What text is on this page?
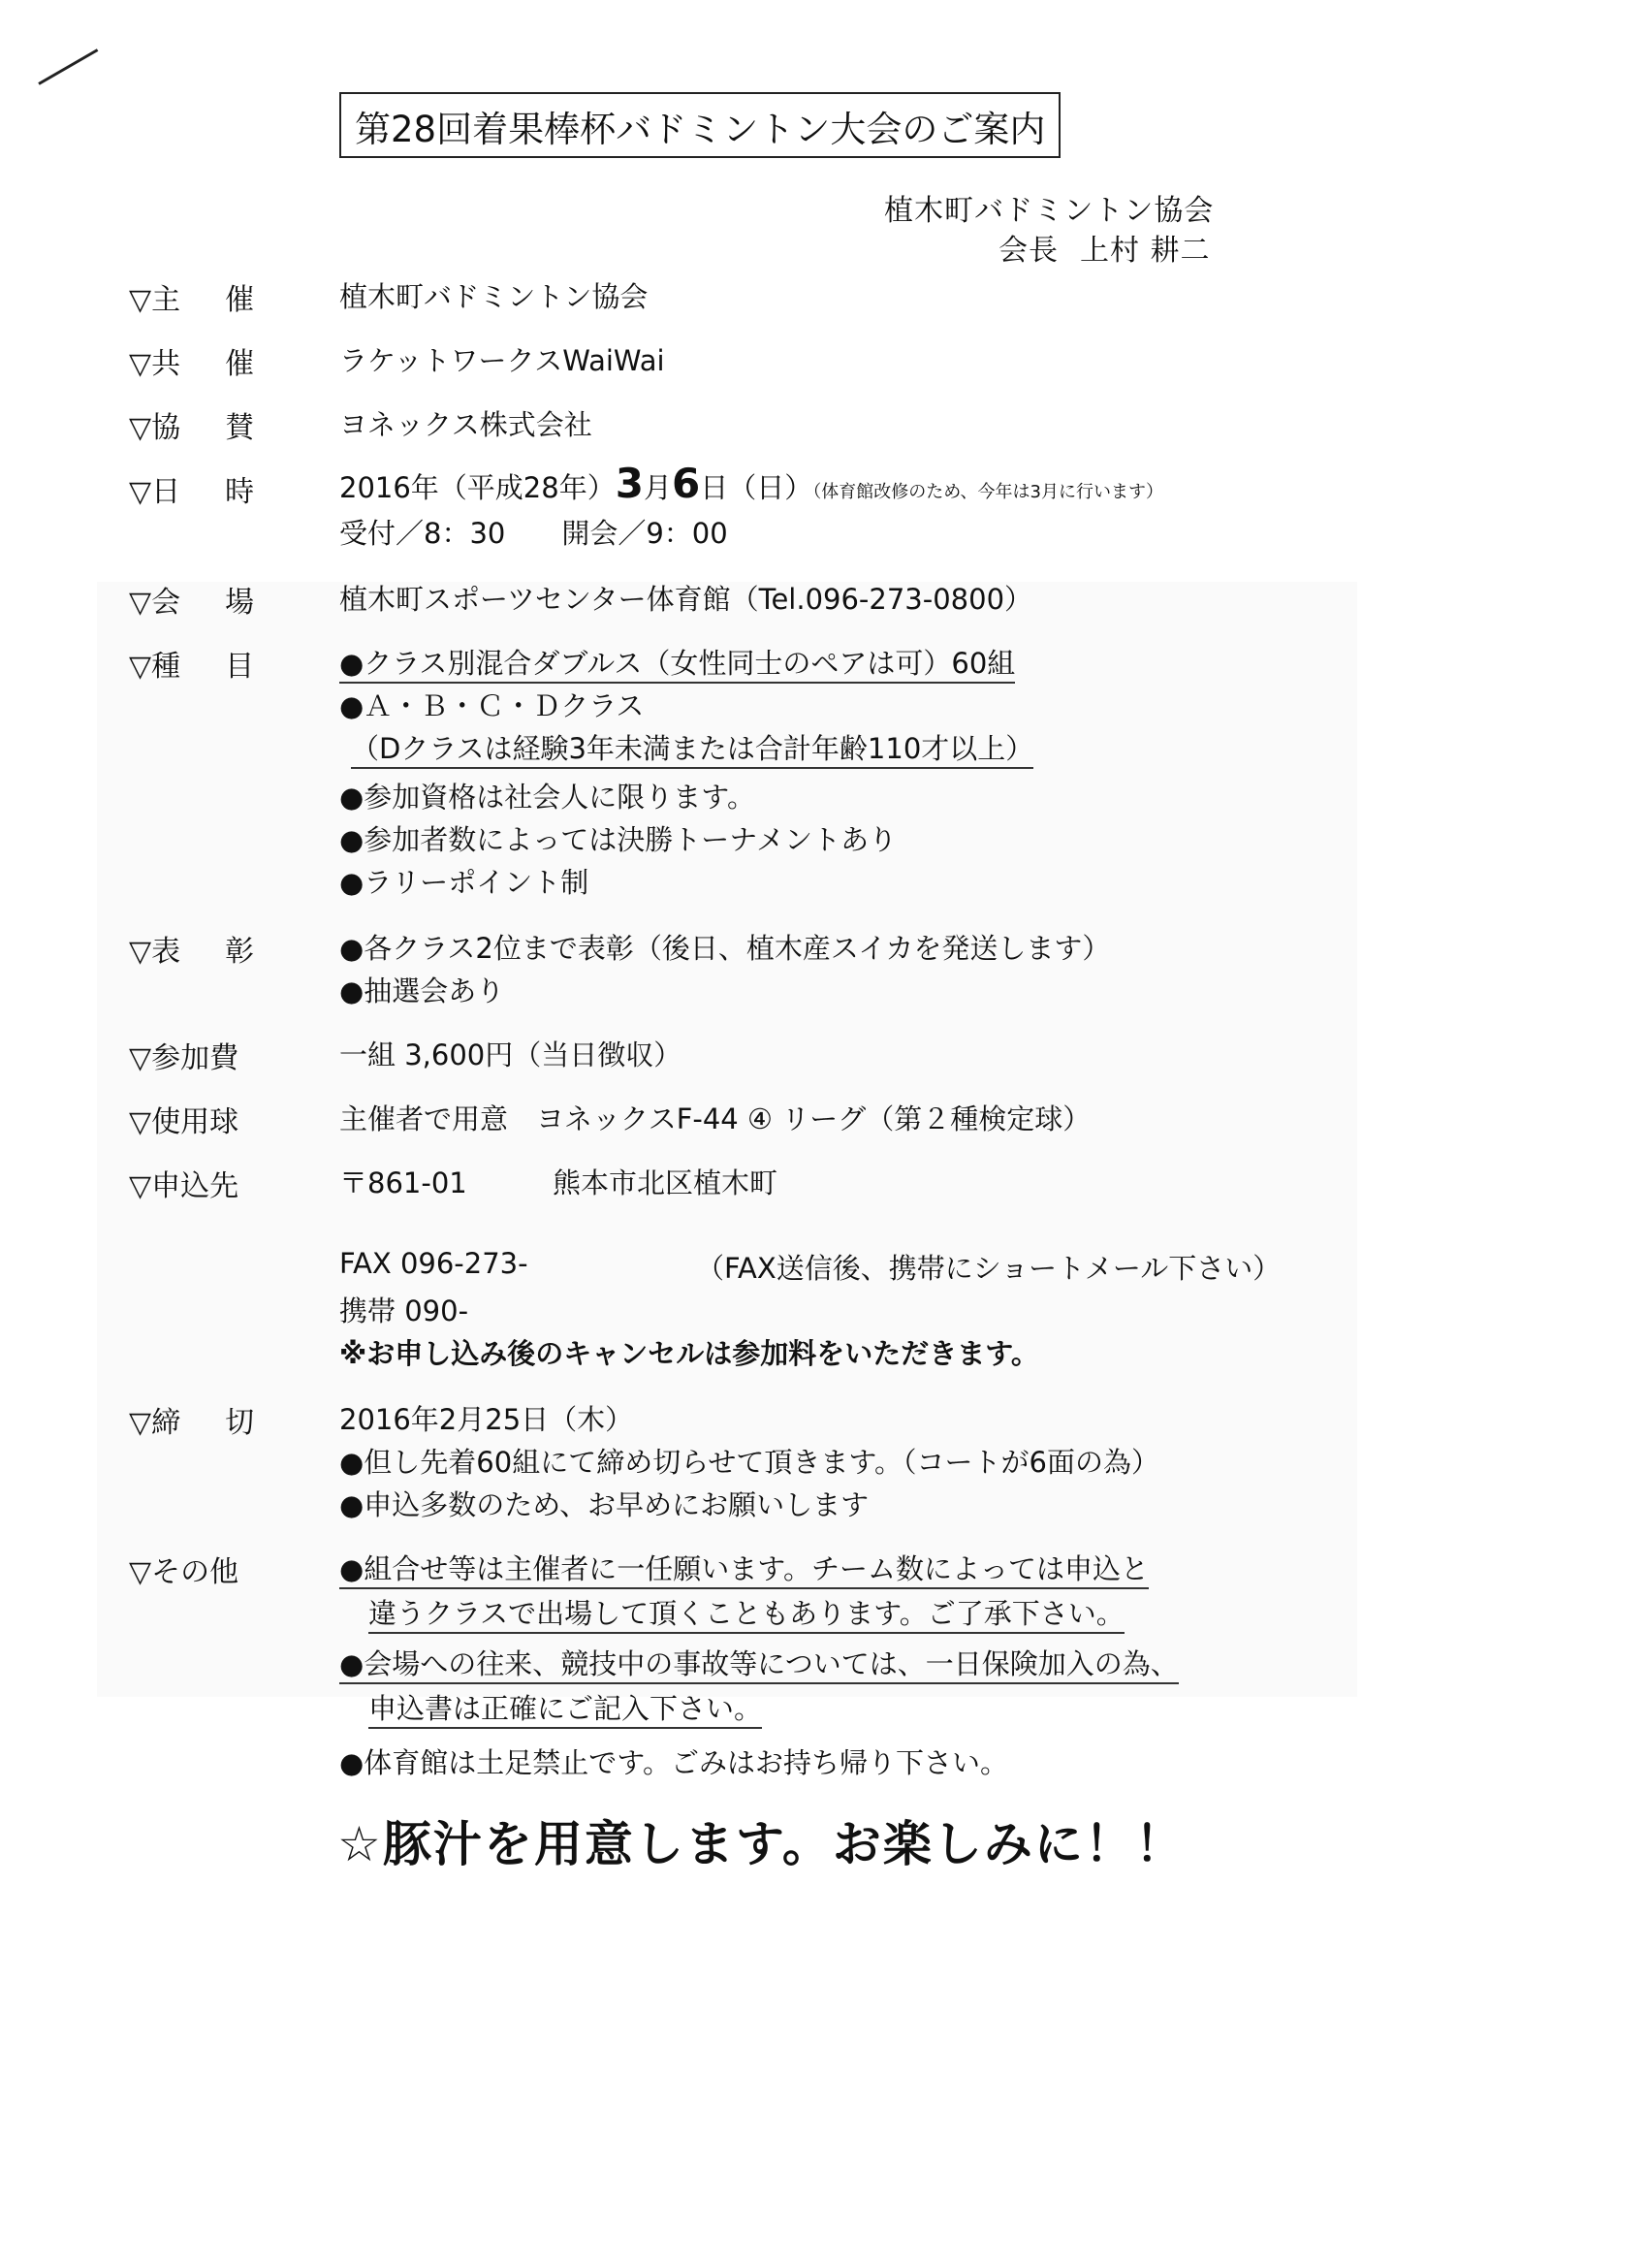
第28回着果棒杯バドミントン大会のご案内
植木町バドミントン協会
会長 上村 耕二
▽主 催	植木町バドミントン協会
▽共 催	ラケットワークスWaiWai
▽協 賛	ヨネックス株式会社
▽日 時	2016年（平成28年）3月6日（日）（体育館改修のため、今年は3月に行います）
受付／8：30　　開会／9：00
▽会 場	植木町スポーツセンター体育館（Tel.096-273-0800）
▽種 目	●クラス別混合ダブルス（女性同士のペアは可）60組
●Ａ・Ｂ・Ｃ・Ｄクラス
（Dクラスは経験3年未満または合計年齢110才以上）
●参加資格は社会人に限ります。
●参加者数によっては決勝トーナメントあり
●ラリーポイント制
▽表 彰	●各クラス2位まで表彰（後日、植木産スイカを発送します）
●抽選会あり
▽参加費	一組 3,600円（当日徴収）
▽使用球	主催者で用意　ヨネックスF-44 ④ リーグ（第２種検定球）
▽申込先	〒861-01	熊本市北区植木町
FAX 096-273-	（FAX送信後、携帯にショートメール下さい）
携帯 090-
※お申し込み後のキャンセルは参加料をいただきます。
▽締 切	2016年2月25日（木）
●但し先着60組にて締め切らせて頂きます。（コートが6面の為）
●申込多数のため、お早めにお願いします
▽その他	●組合せ等は主催者に一任願います。チーム数によっては申込と
違うクラスで出場して頂くこともあります。ご了承下さい。
●会場への往来、競技中の事故等については、一日保険加入の為、
申込書は正確にご記入下さい。
●体育館は土足禁止です。ごみはお持ち帰り下さい。
☆豚汁を用意します。お楽しみに！！
